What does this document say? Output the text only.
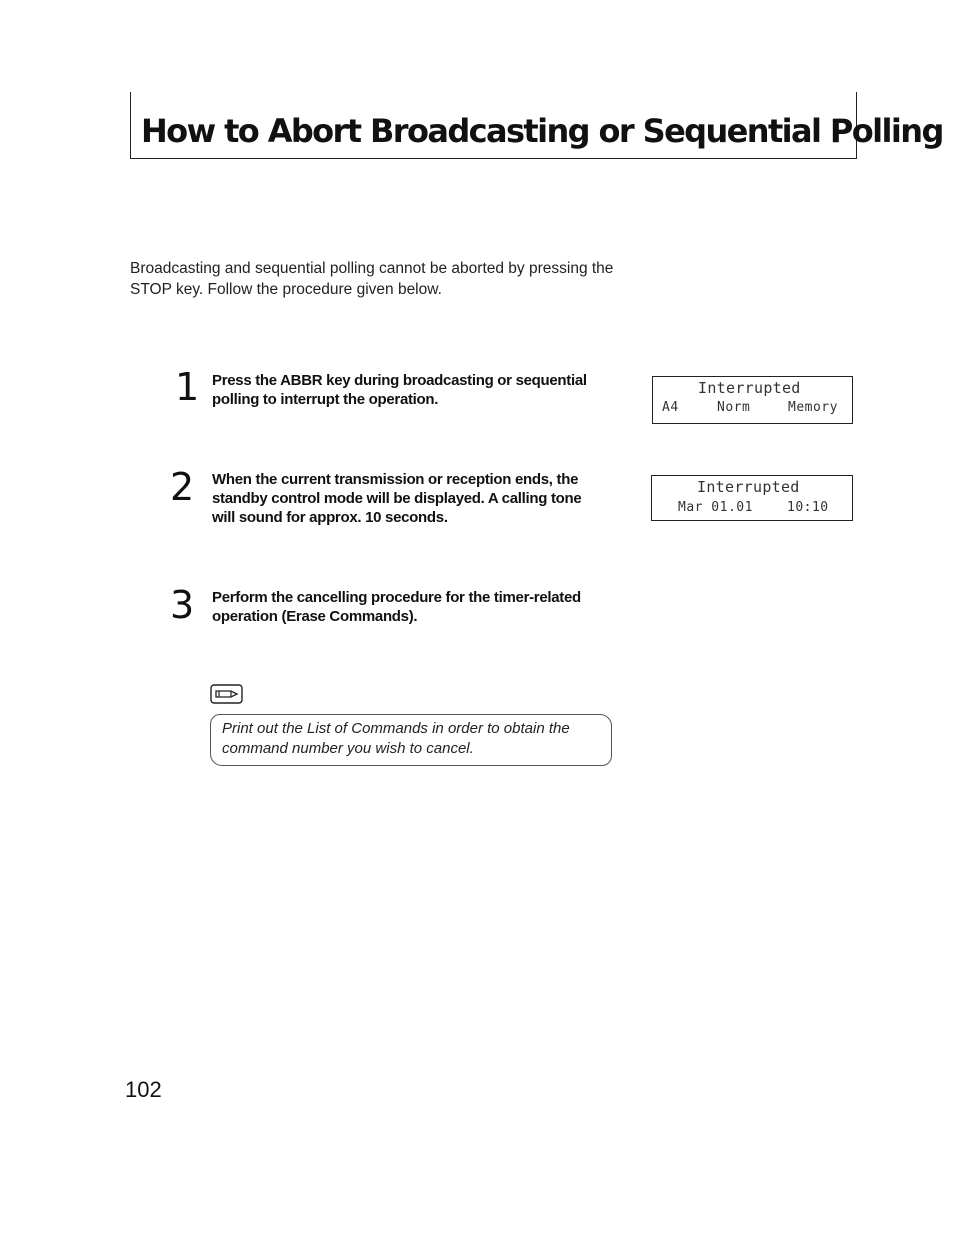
How to Abort Broadcasting or Sequential Polling

Broadcasting and sequential polling cannot be aborted by pressing the STOP key. Follow the procedure given below.

1 Press the ABBR key during broadcasting or sequential polling to interrupt the operation.

Interrupted
A4	Norm	Memory
2 When the current transmission or reception ends, the standby control mode will be displayed. A calling tone will sound for approx. 10 seconds.

Interrupted
Mar 01.01	10:10
3 Perform the cancelling procedure for the timer-related operation (Erase Commands).

Print out the List of Commands in order to obtain the command number you wish to cancel.

102
